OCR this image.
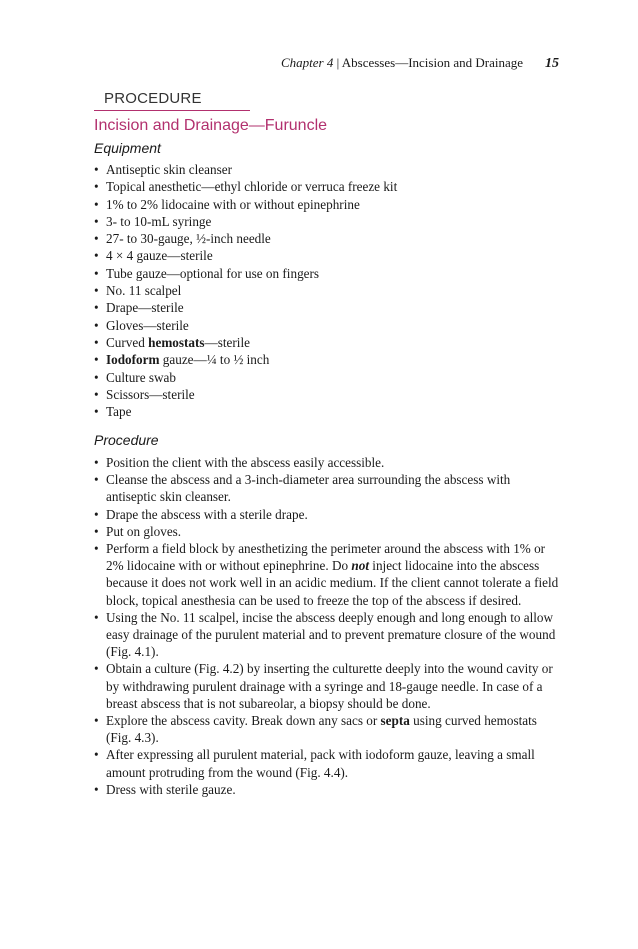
Chapter 4 | Abscesses—Incision and Drainage 15
PROCEDURE
Incision and Drainage—Furuncle
Equipment
• Antiseptic skin cleanser
• Topical anesthetic—ethyl chloride or verruca freeze kit
• 1% to 2% lidocaine with or without epinephrine
• 3- to 10-mL syringe
• 27- to 30-gauge, ½-inch needle
• 4 × 4 gauze—sterile
• Tube gauze—optional for use on fingers
• No. 11 scalpel
• Drape—sterile
• Gloves—sterile
• Curved hemostats—sterile
• Iodoform gauze—¼ to ½ inch
• Culture swab
• Scissors—sterile
• Tape
Procedure
• Position the client with the abscess easily accessible.
• Cleanse the abscess and a 3-inch-diameter area surrounding the abscess with antiseptic skin cleanser.
• Drape the abscess with a sterile drape.
• Put on gloves.
• Perform a field block by anesthetizing the perimeter around the abscess with 1% or 2% lidocaine with or without epinephrine. Do not inject lidocaine into the abscess because it does not work well in an acidic medium. If the client cannot tolerate a field block, topical anesthesia can be used to freeze the top of the abscess if desired.
• Using the No. 11 scalpel, incise the abscess deeply enough and long enough to allow easy drainage of the purulent material and to prevent premature closure of the wound (Fig. 4.1).
• Obtain a culture (Fig. 4.2) by inserting the culturette deeply into the wound cavity or by withdrawing purulent drainage with a syringe and 18-gauge needle. In case of a breast abscess that is not subareolar, a biopsy should be done.
• Explore the abscess cavity. Break down any sacs or septa using curved hemostats (Fig. 4.3).
• After expressing all purulent material, pack with iodoform gauze, leaving a small amount protruding from the wound (Fig. 4.4).
• Dress with sterile gauze.
